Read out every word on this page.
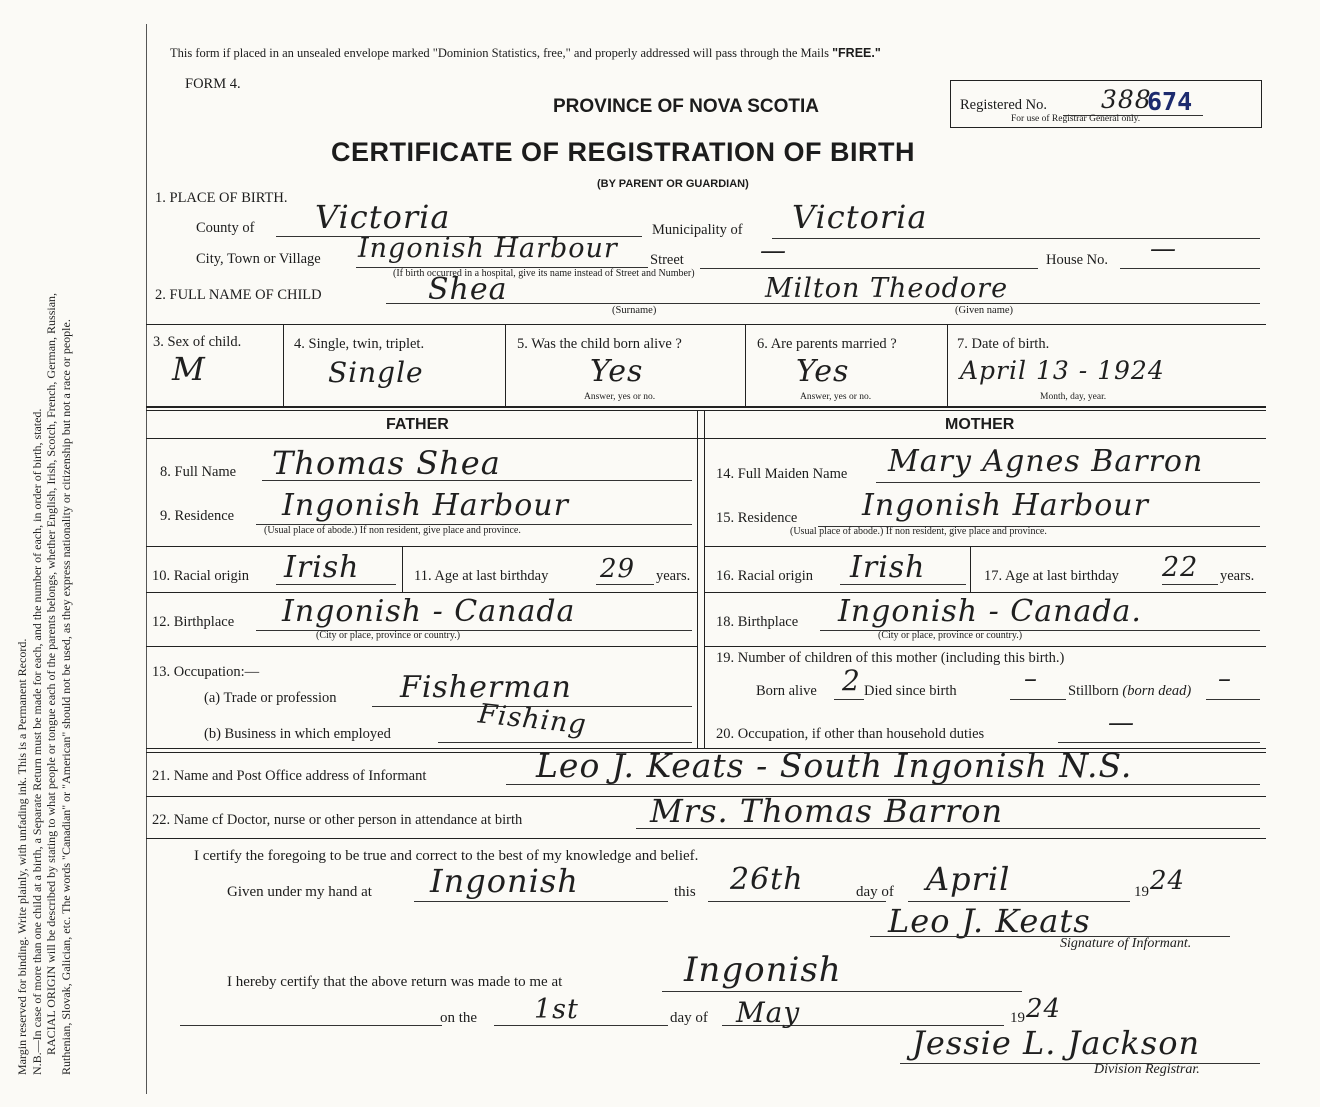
Margin reserved for binding. Write plainly, with unfading ink. This is a Permanent Record. N.B.—In case of more than one child at a birth, a Separate Return must be made for each, and the number of each, in order of birth, stated. RACIAL ORIGIN will be described by stating to what people or tongue each of the parents belongs, whether English, Irish, Scotch, French, German, Russian, Ruthenian, Slovak, Galician, etc. The words "Canadian" or "American" should not be used, as they express nationality or citizenship but not a race or people.

This form if placed in an unsealed envelope marked "Dominion Statistics, free," and properly addressed will pass through the Mails "FREE."
FORM 4.
PROVINCE OF NOVA SCOTIA
CERTIFICATE OF REGISTRATION OF BIRTH
(BY PARENT OR GUARDIAN)
Registered No. 388
674
For use of Registrar General only.
1. PLACE OF BIRTH.
County of Victoria	Municipality of Victoria
City, Town or Village Ingonish Harbour Street	—
(If birth occurred in a hospital, give its name instead of Street and Number)
House No. —
2. FULL NAME OF CHILD	Shea	Milton Theodore
(Surname)	(Given name)
3. Sex of child.
M
4. Single, twin, triplet.
Single
5. Was the child born alive ?
Yes
Answer, yes or no.
6. Are parents married ?
Yes
Answer, yes or no.
7. Date of birth.
April 13 - 1924
Month, day, year.
FATHER	MOTHER
8. Full Name Thomas Shea
9. Residence Ingonish Harbour
(Usual place of abode.) If non resident, give place and province.
10. Racial origin Irish	11. Age at last birthday 29 years.
12. Birthplace Ingonish - Canada
(City or place, province or country.)
13. Occupation:—
(a) Trade or profession Fisherman
(b) Business in which employed	Fishing
14. Full Maiden Name Mary Agnes Barron
15. Residence Ingonish Harbour
(Usual place of abode.) If non resident, give place and province.
16. Racial origin Irish	17. Age at last birthday 22 years.
18. Birthplace Ingonish - Canada.
(City or place, province or country.)
19. Number of children of this mother (including this birth.)
Born alive 2 Died since birth	– Stillborn (born dead) –
20. Occupation, if other than household duties	—
21. Name and Post Office address of Informant	Leo J. Keats - South Ingonish N.S.
22. Name cf Doctor, nurse or other person in attendance at birth	Mrs. Thomas Barron
I certify the foregoing to be true and correct to the best of my knowledge and belief.
Given under my hand at Ingonish	this 26th	day of April	19 24
Leo J. Keats
Signature of Informant.
I hereby certify that the above return was made to me at	Ingonish
on the 1st	day of May	19 24
Jessie L. Jackson
Division Registrar.
